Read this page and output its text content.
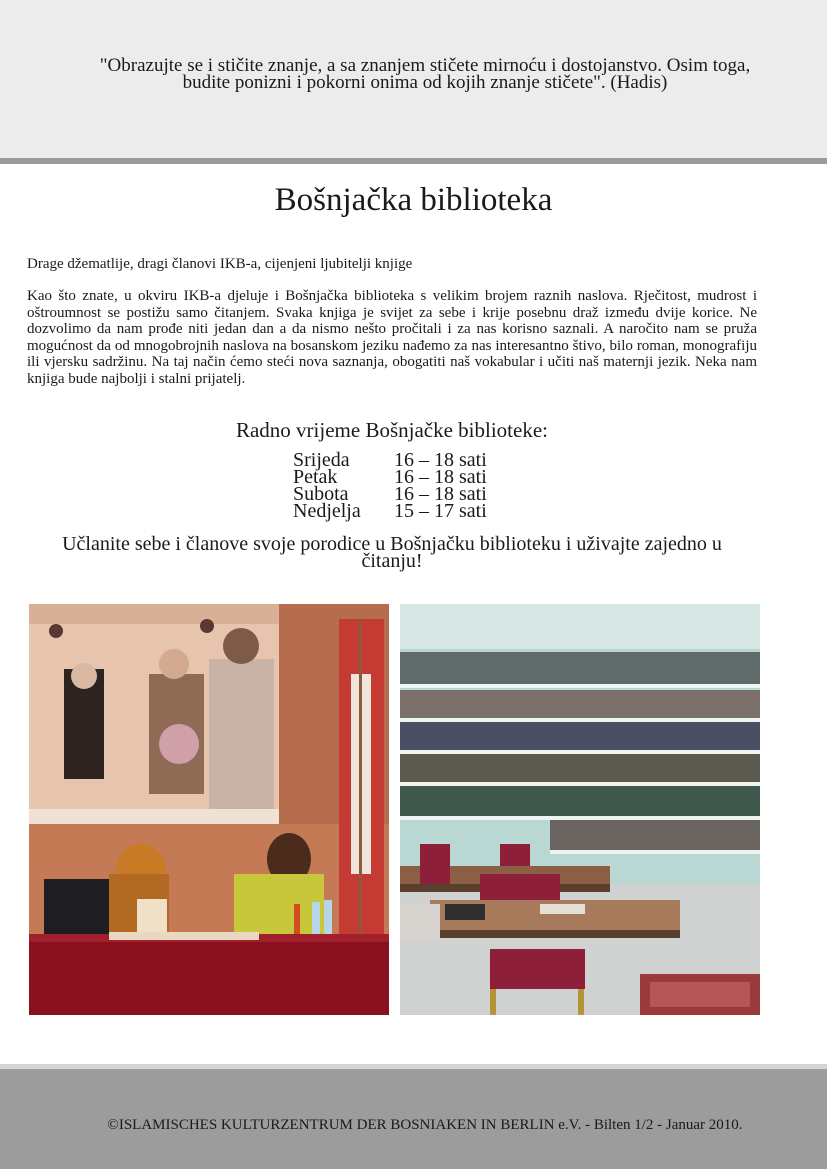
"Obrazujte se i stičite znanje, a sa znanjem stičete mirnoću i dostojanstvo. Osim toga, budite ponizni i pokorni onima od kojih znanje stičete". (Hadis)
Bošnjačka biblioteka
Drage džematlije, dragi članovi IKB-a, cijenjeni ljubitelji knjige
Kao što znate, u okviru IKB-a djeluje i Bošnjačka biblioteka s velikim brojem raznih naslova. Rječitost, mudrost i oštroumnost se postižu samo čitanjem. Svaka knjiga je svijet za sebe i krije posebnu draž između dvije korice. Ne dozvolimo da nam prođe niti jedan dan a da nismo nešto pročitali i za nas korisno saznali. A naročito nam se pruža mogućnost da od mnogobrojnih naslova na bosanskom jeziku nađemo za nas interesantno štivo, bilo roman, monografiju ili vjersku sadržinu. Na taj način ćemo steći nova saznanja, obogatiti naš vokabular i učiti naš maternji jezik. Neka nam knjiga bude najbolji i stalni prijatelj.
Radno vrijeme Bošnjačke biblioteke:
Srijeda	16 – 18 sati
Petak	16 – 18 sati
Subota	16 – 18 sati
Nedjelja	15 – 17 sati
Učlanite sebe i članove svoje porodice u Bošnjačku biblioteku i uživajte zajedno u čitanju!
©ISLAMISCHES KULTURZENTRUM DER BOSNIAKEN IN BERLIN e.V. - Bilten 1/2 - Januar 2010.
